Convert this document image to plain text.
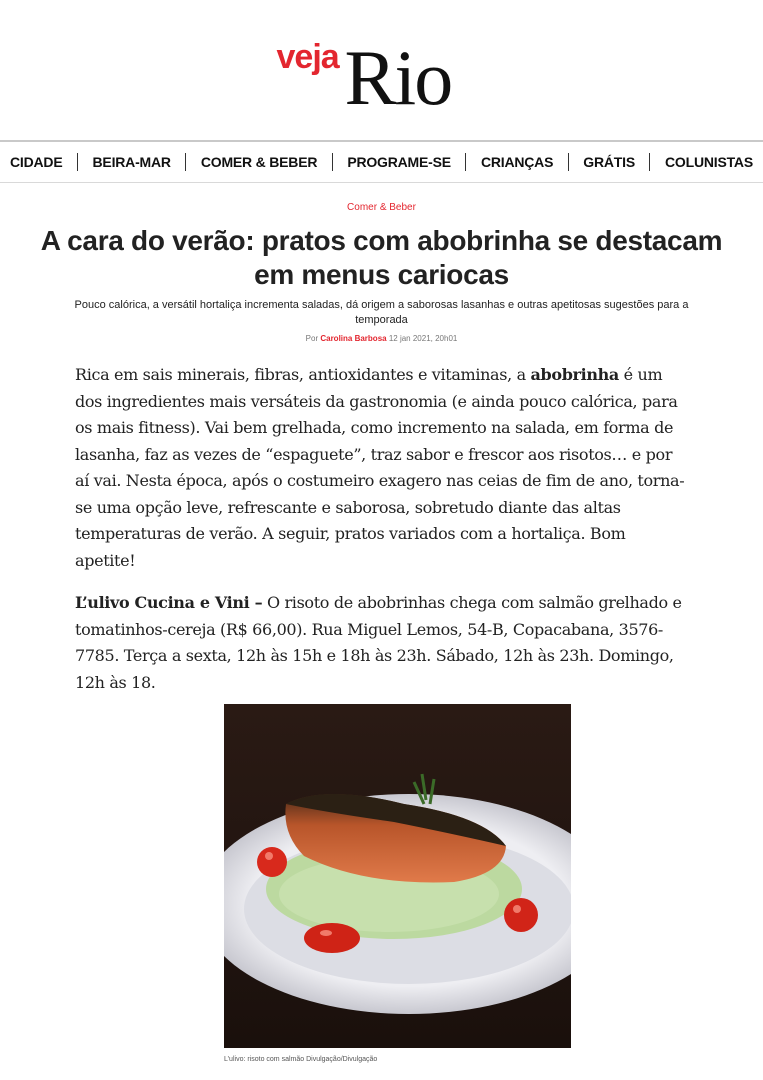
veja Rio
CIDADE BEIRA-MAR COMER & BEBER PROGRAME-SE CRIANÇAS GRÁTIS COLUNISTAS
Comer & Beber
A cara do verão: pratos com abobrinha se destacam em menus cariocas

Pouco calórica, a versátil hortaliça incrementa saladas, dá origem a saborosas lasanhas e outras apetitosas sugestões para a temporada

Por Carolina Barbosa 12 jan 2021, 20h01

Rica em sais minerais, fibras, antioxidantes e vitaminas, a abobrinha é um dos ingredientes mais versáteis da gastronomia (e ainda pouco calórica, para os mais fitness). Vai bem grelhada, como incremento na salada, em forma de lasanha, faz as vezes de “espaguete”, traz sabor e frescor aos risotos… e por aí vai. Nesta época, após o costumeiro exagero nas ceias de fim de ano, torna-se uma opção leve, refrescante e saborosa, sobretudo diante das altas temperaturas de verão. A seguir, pratos variados com a hortaliça. Bom apetite!

L’ulivo Cucina e Vini – O risoto de abobrinhas chega com salmão grelhado e tomatinhos-cereja (R$ 66,00). Rua Miguel Lemos, 54-B, Copacabana, 3576-7785. Terça a sexta, 12h às 15h e 18h às 23h. Sábado, 12h às 23h. Domingo, 12h às 18.

L’ulivo: risoto com salmão Divulgação/Divulgação
